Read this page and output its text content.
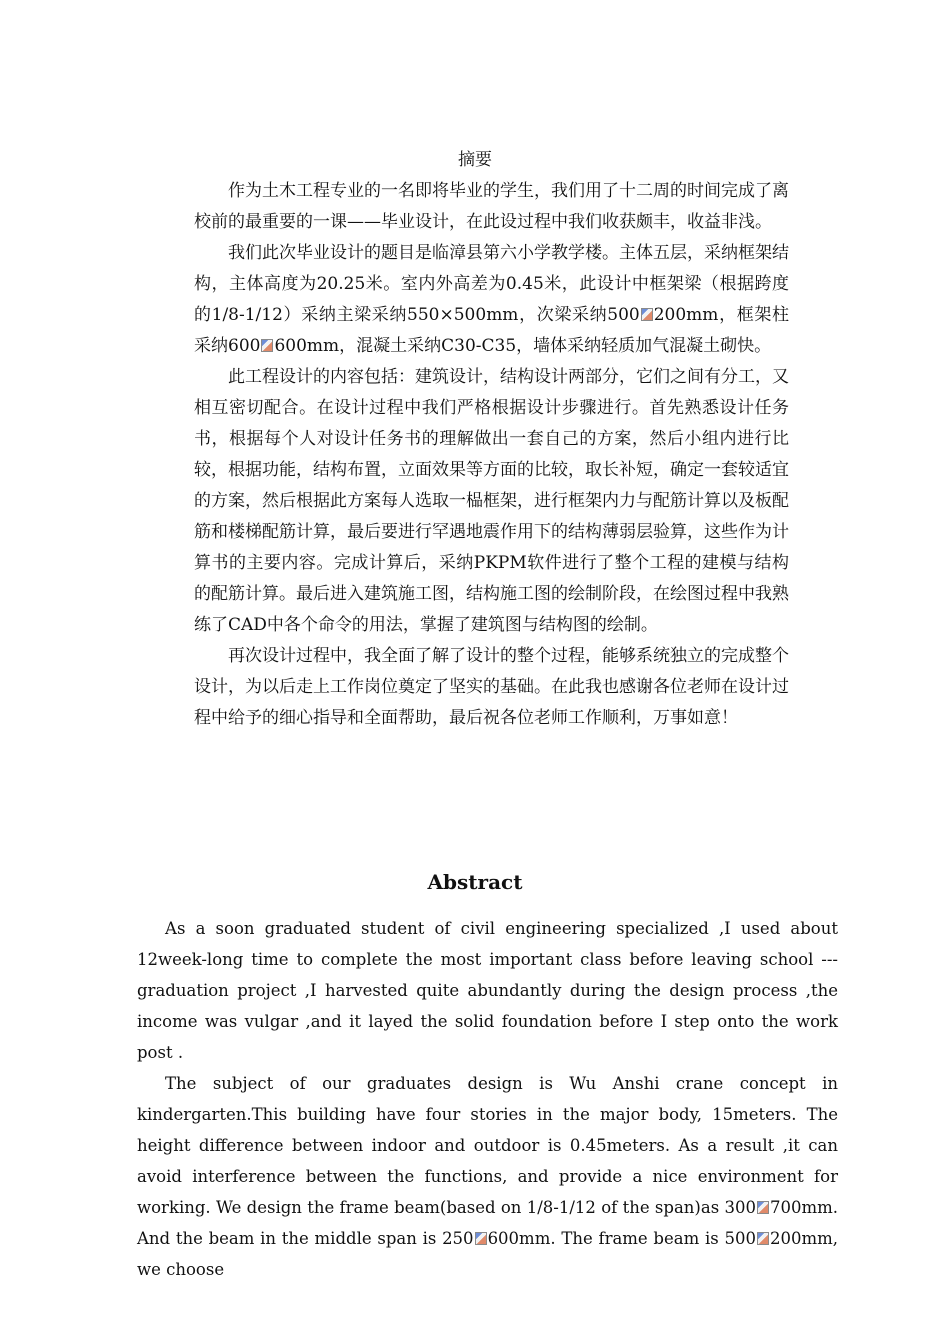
摘要

作为土木工程专业的一名即将毕业的学生，我们用了十二周的时间完成了离校前的最重要的一课——毕业设计，在此设过程中我们收获颇丰，收益非浅。

我们此次毕业设计的题目是临漳县第六小学教学楼。主体五层，采纳框架结构，主体高度为20.25米。室内外高差为0.45米，此设计中框架梁（根据跨度的1/8-1/12）采纳主梁采纳550×500mm，次梁采纳500 200mm，框架柱采纳600 600mm，混凝土采纳C30-C35，墙体采纳轻质加气混凝土砌快。

此工程设计的内容包括：建筑设计，结构设计两部分，它们之间有分工，又相互密切配合。在设计过程中我们严格根据设计步骤进行。首先熟悉设计任务书，根据每个人对设计任务书的理解做出一套自己的方案，然后小组内进行比较，根据功能，结构布置，立面效果等方面的比较，取长补短，确定一套较适宜的方案，然后根据此方案每人选取一榀框架，进行框架内力与配筋计算以及板配筋和楼梯配筋计算，最后要进行罕遇地震作用下的结构薄弱层验算，这些作为计算书的主要内容。完成计算后，采纳PKPM软件进行了整个工程的建模与结构的配筋计算。最后进入建筑施工图，结构施工图的绘制阶段，在绘图过程中我熟练了CAD中各个命令的用法，掌握了建筑图与结构图的绘制。

再次设计过程中，我全面了解了设计的整个过程，能够系统独立的完成整个设计，为以后走上工作岗位奠定了坚实的基础。在此我也感谢各位老师在设计过程中给予的细心指导和全面帮助，最后祝各位老师工作顺利，万事如意！

Abstract

As a soon graduated student of civil engineering specialized ,I used about 12week-long time to complete the most important class before leaving school ---graduation project ,I harvested quite abundantly during the design process ,the income was vulgar ,and it layed the solid foundation before I step onto the work post .

The subject of our graduates design is Wu Anshi crane concept in kindergarten.This building have four stories in the major body, 15meters. The height difference between indoor and outdoor is 0.45meters. As a result ,it can avoid interference between the functions, and provide a nice environment for working. We design the frame beam(based on 1/8-1/12 of the span)as 300 700mm. And the beam in the middle span is 250 600mm. The frame beam is 500 200mm, we choose
